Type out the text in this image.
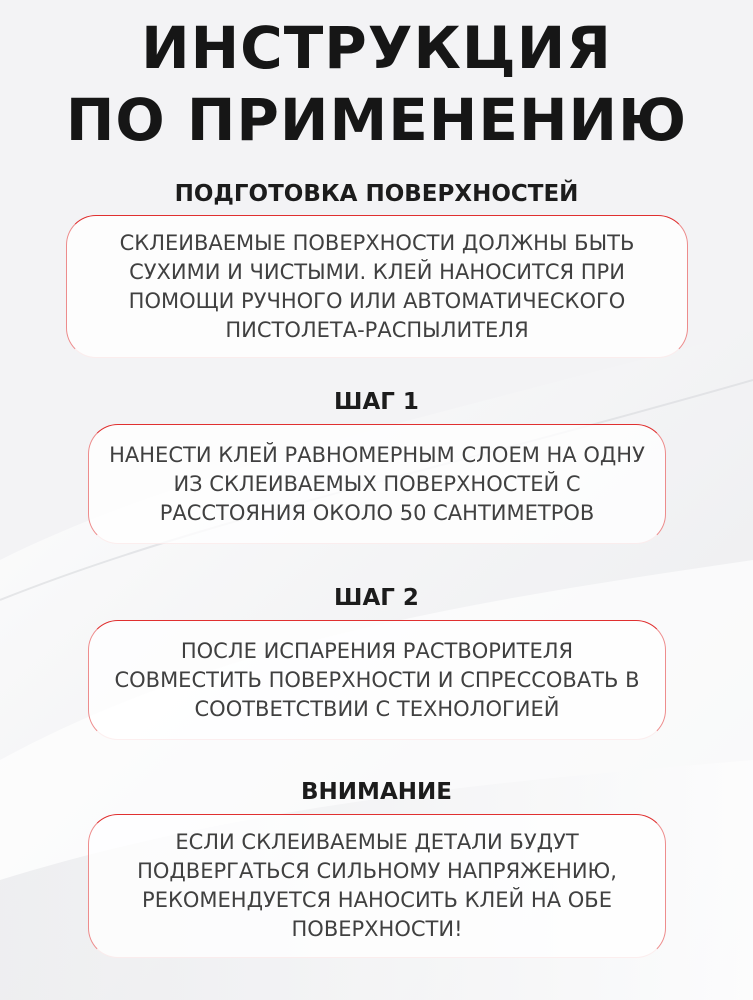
ИНСТРУКЦИЯ
ПО ПРИМЕНЕНИЮ
ПОДГОТОВКА ПОВЕРХНОСТЕЙ
СКЛЕИВАЕМЫЕ ПОВЕРХНОСТИ ДОЛЖНЫ БЫТЬ СУХИМИ И ЧИСТЫМИ. КЛЕЙ НАНОСИТСЯ ПРИ ПОМОЩИ РУЧНОГО ИЛИ АВТОМАТИЧЕСКОГО ПИСТОЛЕТА-РАСПЫЛИТЕЛЯ
ШАГ 1
НАНЕСТИ КЛЕЙ РАВНОМЕРНЫМ СЛОЕМ НА ОДНУ ИЗ СКЛЕИВАЕМЫХ ПОВЕРХНОСТЕЙ С РАССТОЯНИЯ ОКОЛО 50 САНТИМЕТРОВ
ШАГ 2
ПОСЛЕ ИСПАРЕНИЯ РАСТВОРИТЕЛЯ СОВМЕСТИТЬ ПОВЕРХНОСТИ И СПРЕССОВАТЬ В СООТВЕТСТВИИ С ТЕХНОЛОГИЕЙ
ВНИМАНИЕ
ЕСЛИ СКЛЕИВАЕМЫЕ ДЕТАЛИ БУДУТ ПОДВЕРГАТЬСЯ СИЛЬНОМУ НАПРЯЖЕНИЮ, РЕКОМЕНДУЕТСЯ НАНОСИТЬ КЛЕЙ НА ОБЕ ПОВЕРХНОСТИ!
